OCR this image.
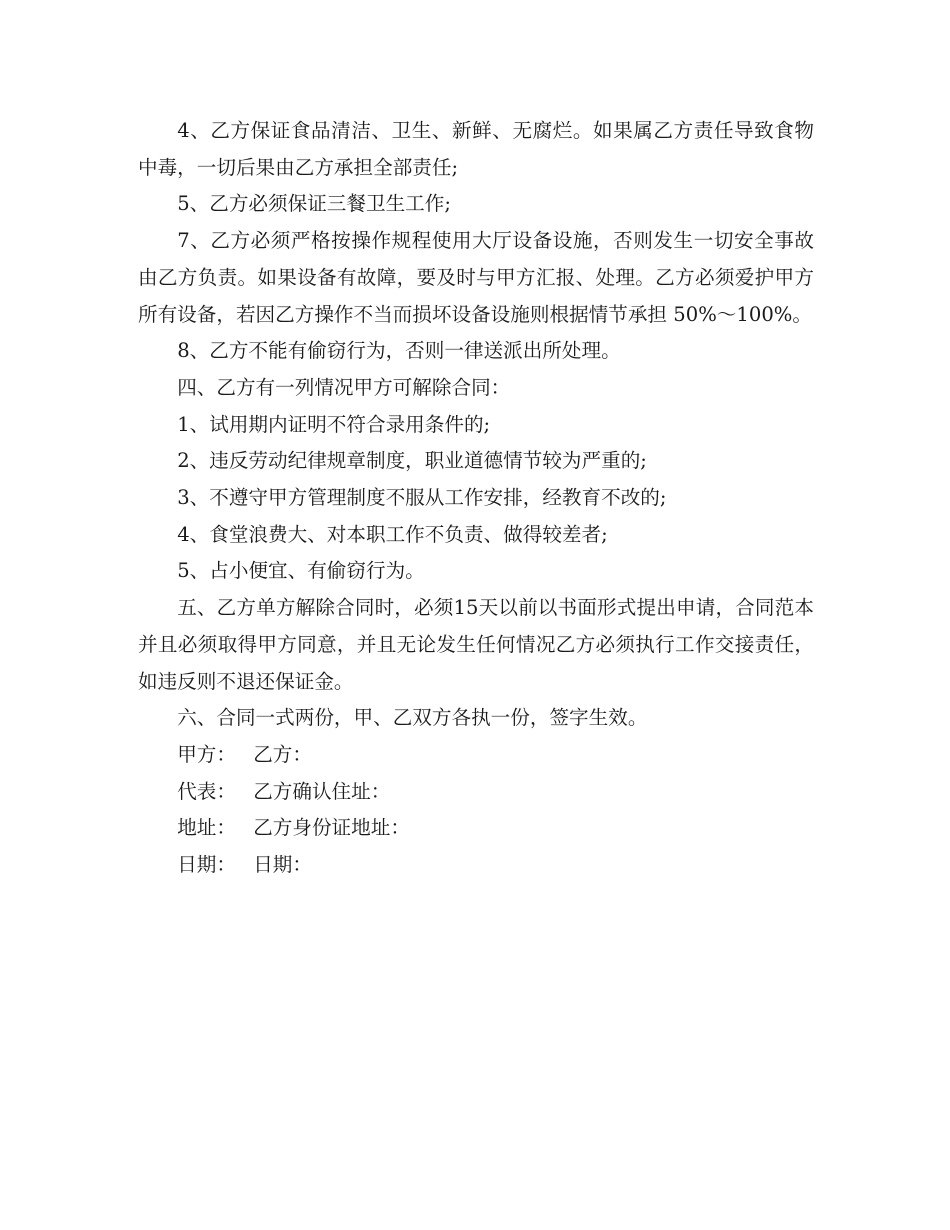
4、乙方保证食品清洁、卫生、新鲜、无腐烂。如果属乙方责任导致食物中毒，一切后果由乙方承担全部责任;

5、乙方必须保证三餐卫生工作;

7、乙方必须严格按操作规程使用大厅设备设施，否则发生一切安全事故由乙方负责。如果设备有故障，要及时与甲方汇报、处理。乙方必须爱护甲方所有设备，若因乙方操作不当而损坏设备设施则根据情节承担 50%～100%。

8、乙方不能有偷窃行为，否则一律送派出所处理。

四、乙方有一列情况甲方可解除合同：

1、试用期内证明不符合录用条件的;

2、违反劳动纪律规章制度，职业道德情节较为严重的;

3、不遵守甲方管理制度不服从工作安排，经教育不改的;

4、食堂浪费大、对本职工作不负责、做得较差者;

5、占小便宜、有偷窃行为。

五、乙方单方解除合同时，必须15天以前以书面形式提出申请，合同范本并且必须取得甲方同意，并且无论发生任何情况乙方必须执行工作交接责任，如违反则不退还保证金。

六、合同一式两份，甲、乙双方各执一份，签字生效。

甲方： 乙方：
代表： 乙方确认住址：
地址： 乙方身份证地址：
日期： 日期：
